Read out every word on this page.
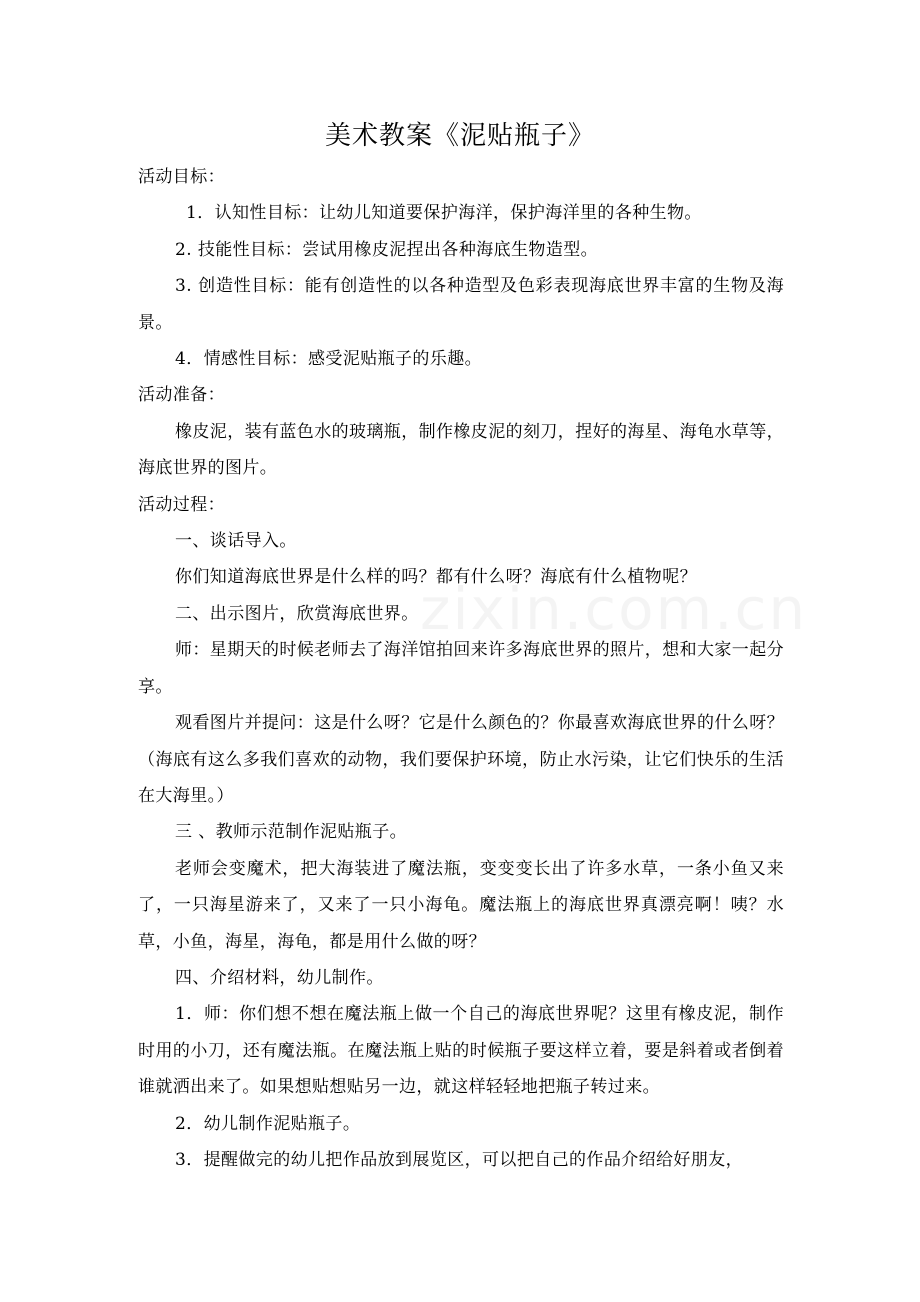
美术教案《泥贴瓶子》

活动目标：

1．认知性目标：让幼儿知道要保护海洋，保护海洋里的各种生物。

2. 技能性目标：尝试用橡皮泥捏出各种海底生物造型。

3. 创造性目标：能有创造性的以各种造型及色彩表现海底世界丰富的生物及海景。

4．情感性目标：感受泥贴瓶子的乐趣。

活动准备：

橡皮泥，装有蓝色水的玻璃瓶，制作橡皮泥的刻刀，捏好的海星、海龟水草等，海底世界的图片。

活动过程：

一、谈话导入。

你们知道海底世界是什么样的吗？都有什么呀？海底有什么植物呢？

二、出示图片，欣赏海底世界。

师：星期天的时候老师去了海洋馆拍回来许多海底世界的照片，想和大家一起分享。

观看图片并提问：这是什么呀？它是什么颜色的？你最喜欢海底世界的什么呀？（海底有这么多我们喜欢的动物，我们要保护环境，防止水污染，让它们快乐的生活在大海里。）

三 、教师示范制作泥贴瓶子。

老师会变魔术，把大海装进了魔法瓶，变变变长出了许多水草，一条小鱼又来了，一只海星游来了，又来了一只小海龟。魔法瓶上的海底世界真漂亮啊！咦？水草，小鱼，海星，海龟，都是用什么做的呀？

四、介绍材料，幼儿制作。

1．师：你们想不想在魔法瓶上做一个自己的海底世界呢？这里有橡皮泥，制作时用的小刀，还有魔法瓶。在魔法瓶上贴的时候瓶子要这样立着，要是斜着或者倒着谁就洒出来了。如果想贴想贴另一边，就这样轻轻地把瓶子转过来。

2．幼儿制作泥贴瓶子。

3．提醒做完的幼儿把作品放到展览区，可以把自己的作品介绍给好朋友，
